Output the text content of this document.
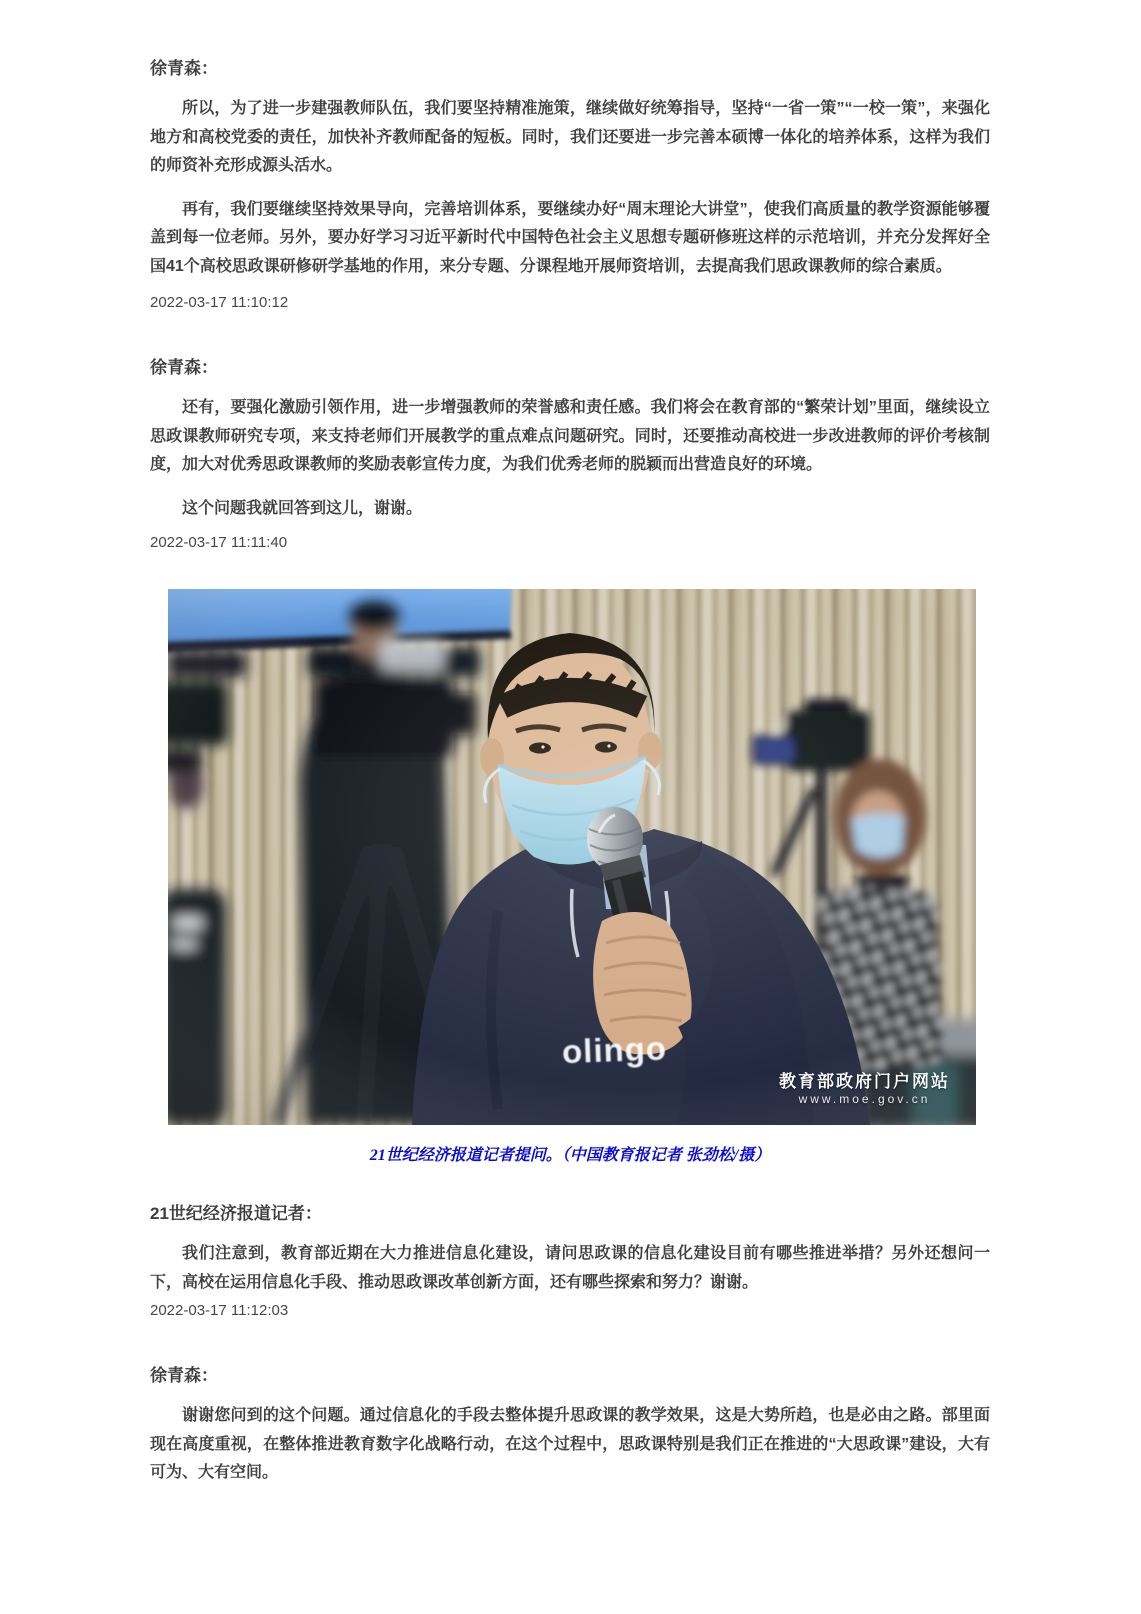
徐青森：

所以，为了进一步建强教师队伍，我们要坚持精准施策，继续做好统筹指导，坚持“一省一策”“一校一策”，来强化地方和高校党委的责任，加快补齐教师配备的短板。同时，我们还要进一步完善本硕博一体化的培养体系，这样为我们的师资补充形成源头活水。

再有，我们要继续坚持效果导向，完善培训体系，要继续办好“周末理论大讲堂”，使我们高质量的教学资源能够覆盖到每一位老师。另外，要办好学习习近平新时代中国特色社会主义思想专题研修班这样的示范培训，并充分发挥好全国41个高校思政课研修研学基地的作用，来分专题、分课程地开展师资培训，去提高我们思政课教师的综合素质。

2022-03-17 11:10:12
徐青森：

还有，要强化激励引领作用，进一步增强教师的荣誉感和责任感。我们将会在教育部的“繁荣计划”里面，继续设立思政课教师研究专项，来支持老师们开展教学的重点难点问题研究。同时，还要推动高校进一步改进教师的评价考核制度，加大对优秀思政课教师的奖励表彰宣传力度，为我们优秀老师的脱颖而出营造良好的环境。

这个问题我就回答到这儿，谢谢。

2022-03-17 11:11:40
olingo
教育部政府门户网站
www.moe.gov.cn
21世纪经济报道记者提问。（中国教育报记者 张劲松/摄）
21世纪经济报道记者：

我们注意到，教育部近期在大力推进信息化建设，请问思政课的信息化建设目前有哪些推进举措？另外还想问一下，高校在运用信息化手段、推动思政课改革创新方面，还有哪些探索和努力？谢谢。

2022-03-17 11:12:03
徐青森：

谢谢您问到的这个问题。通过信息化的手段去整体提升思政课的教学效果，这是大势所趋，也是必由之路。部里面现在高度重视，在整体推进教育数字化战略行动，在这个过程中，思政课特别是我们正在推进的“大思政课”建设，大有可为、大有空间。
